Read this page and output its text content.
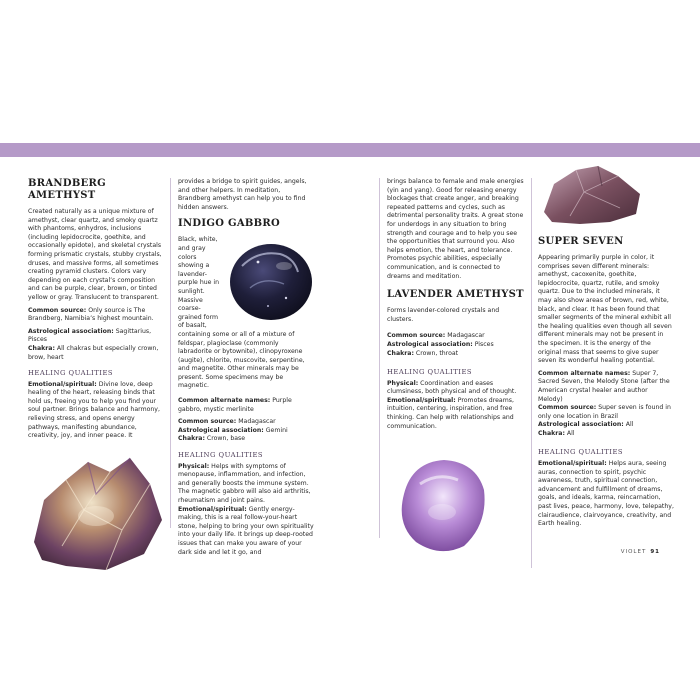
BRANDBERG AMETHYST

Created naturally as a unique mixture of amethyst, clear quartz, and smoky quartz with phantoms, enhydros, inclusions (including lepidocrocite, goethite, and occasionally epidote), and skeletal crystals forming prismatic crystals, stubby crystals, druses, and massive forms, all sometimes creating pyramid clusters. Colors vary depending on each crystal’s composition and can be purple, clear, brown, or tinted yellow or gray. Translucent to transparent.

Common source: Only source is The Brandberg, Namibia’s highest mountain.

Astrological association: Sagittarius, Pisces

Chakra: All chakras but especially crown, brow, heart

HEALING QUALITIES

Emotional/spiritual: Divine love, deep healing of the heart, releasing binds that hold us, freeing you to help you find your soul partner. Brings balance and harmony, relieving stress, and opens energy pathways, manifesting abundance, creativity, joy, and inner peace. It

provides a bridge to spirit guides, angels, and other helpers. In meditation, Brandberg amethyst can help you to find hidden answers.

INDIGO GABBRO

Black, white, and gray colors showing a lavender-purple hue in sunlight. Massive coarse-grained form of basalt, containing some or all of a mixture of feldspar, plagioclase (commonly labradorite or bytownite), clinopyroxene (augite), chlorite, muscovite, serpentine, and magnetite. Other minerals may be present. Some specimens may be magnetic.

Common alternate names: Purple gabbro, mystic merlinite

Common source: Madagascar

Astrological association: Gemini

Chakra: Crown, base

HEALING QUALITIES

Physical: Helps with symptoms of menopause, inflammation, and infection, and generally boosts the immune system. The magnetic gabbro will also aid arthritis, rheumatism and joint pains.

Emotional/spiritual: Gently energy-making, this is a real follow-your-heart stone, helping to bring your own spirituality into your daily life. It brings up deep-rooted issues that can make you aware of your dark side and let it go, and

brings balance to female and male energies (yin and yang). Good for releasing energy blockages that create anger, and breaking repeated patterns and cycles, such as detrimental personality traits. A great stone for underdogs in any situation to bring strength and courage and to help you see the opportunities that surround you. Also helps emotion, the heart, and tolerance. Promotes psychic abilities, especially communication, and is connected to dreams and meditation.

LAVENDER AMETHYST

Forms lavender-colored crystals and clusters.

Common source: Madagascar

Astrological association: Pisces

Chakra: Crown, throat

HEALING QUALITIES

Physical: Coordination and eases clumsiness, both physical and of thought.

Emotional/spiritual: Promotes dreams, intuition, centering, inspiration, and free thinking. Can help with relationships and communication.

SUPER SEVEN

Appearing primarily purple in color, it comprises seven different minerals: amethyst, cacoxenite, goethite, lepidocrocite, quartz, rutile, and smoky quartz. Due to the included minerals, it may also show areas of brown, red, white, black, and clear. It has been found that smaller segments of the mineral exhibit all the healing qualities even though all seven different minerals may not be present in the specimen. It is the energy of the original mass that seems to give super seven its wonderful healing potential.

Common alternate names: Super 7, Sacred Seven, the Melody Stone (after the American crystal healer and author Melody)

Common source: Super seven is found in only one location in Brazil

Astrological association: All

Chakra: All

HEALING QUALITIES

Emotional/spiritual: Helps aura, seeing auras, connection to spirit, psychic awareness, truth, spiritual connection, advancement and fulfillment of dreams, goals, and ideals, karma, reincarnation, past lives, peace, harmony, love, telepathy, clairaudience, clairvoyance, creativity, and Earth healing.

VIOLET 91
